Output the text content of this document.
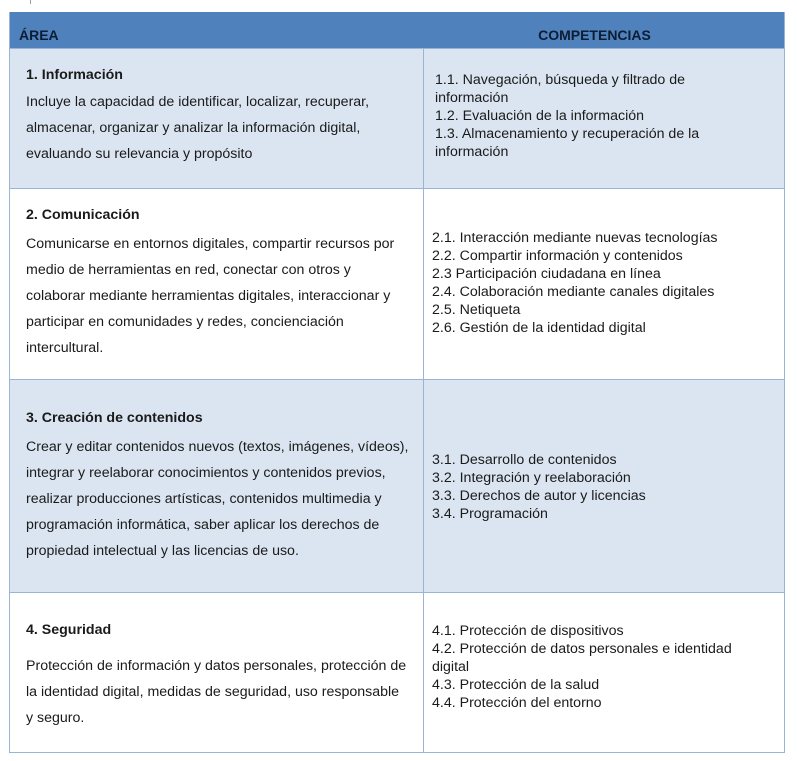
ÁREA	COMPETENCIAS
1. Información
Incluye la capacidad de identificar, localizar, recuperar, almacenar, organizar y analizar la información digital, evaluando su relevancia y propósito
1.1. Navegación, búsqueda y filtrado de información
1.2. Evaluación de la información
1.3. Almacenamiento y recuperación de la información
2. Comunicación
Comunicarse en entornos digitales, compartir recursos por medio de herramientas en red, conectar con otros y colaborar mediante herramientas digitales, interaccionar y participar en comunidades y redes, concienciación intercultural.
2.1. Interacción mediante nuevas tecnologías
2.2. Compartir información y contenidos
2.3 Participación ciudadana en línea
2.4. Colaboración mediante canales digitales
2.5. Netiqueta
2.6. Gestión de la identidad digital
3. Creación de contenidos
Crear y editar contenidos nuevos (textos, imágenes, vídeos), integrar y reelaborar conocimientos y contenidos previos, realizar producciones artísticas, contenidos multimedia y programación informática, saber aplicar los derechos de propiedad intelectual y las licencias de uso.
3.1. Desarrollo de contenidos
3.2. Integración y reelaboración
3.3. Derechos de autor y licencias
3.4. Programación
4. Seguridad
Protección de información y datos personales, protección de la identidad digital, medidas de seguridad, uso responsable y seguro.
4.1. Protección de dispositivos
4.2. Protección de datos personales e identidad digital
4.3. Protección de la salud
4.4. Protección del entorno
